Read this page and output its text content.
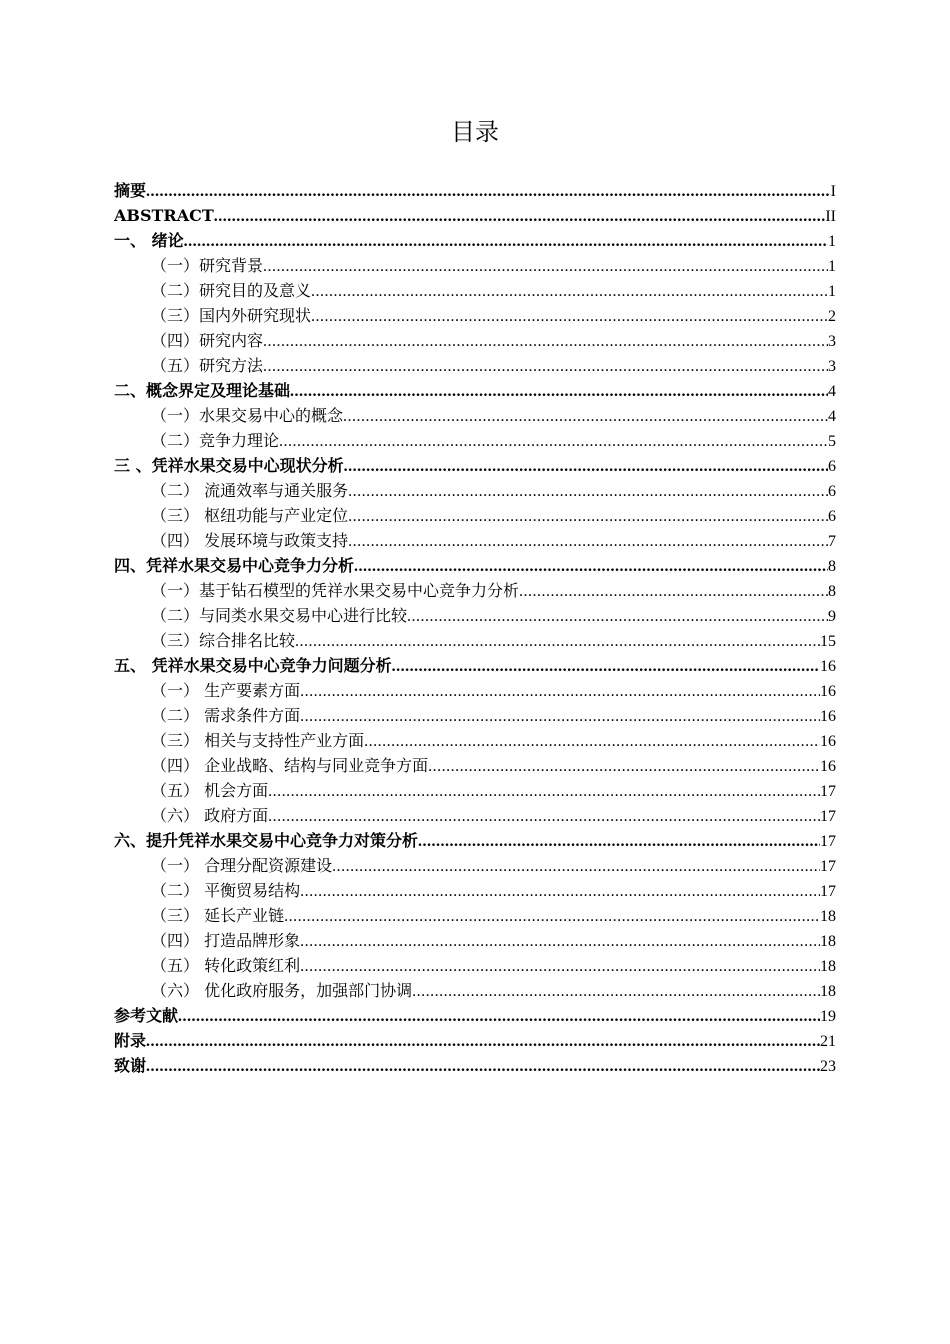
目录
摘要 .....	I
ABSTRACT .....	II
一、 绪论 .....	1
（一）研究背景 .....	1
（二）研究目的及意义 .....	1
（三）国内外研究现状 .....	2
（四）研究内容 .....	3
（五）研究方法 .....	3
二、概念界定及理论基础 .....	4
（一）水果交易中心的概念 .....	4
（二）竞争力理论 .....	5
三 、凭祥水果交易中心现状分析 .....	6
（二） 流通效率与通关服务 .....	6
（三） 枢纽功能与产业定位 .....	6
（四） 发展环境与政策支持 .....	7
四、凭祥水果交易中心竞争力分析 .....	8
（一）基于钻石模型的凭祥水果交易中心竞争力分析 .....	8
（二）与同类水果交易中心进行比较 .....	9
（三）综合排名比较 .....	15
五、 凭祥水果交易中心竞争力问题分析 .....	16
（一） 生产要素方面 .....	16
（二） 需求条件方面 .....	16
（三） 相关与支持性产业方面 .....	16
（四） 企业战略、结构与同业竞争方面 .....	16
（五） 机会方面 .....	17
（六） 政府方面 .....	17
六、提升凭祥水果交易中心竞争力对策分析 .....	17
（一） 合理分配资源建设 .....	17
（二） 平衡贸易结构 .....	17
（三） 延长产业链 .....	18
（四） 打造品牌形象 .....	18
（五） 转化政策红利 .....	18
（六） 优化政府服务，加强部门协调 .....	18
参考文献 .....	19
附录 .....	21
致谢 .....	23
